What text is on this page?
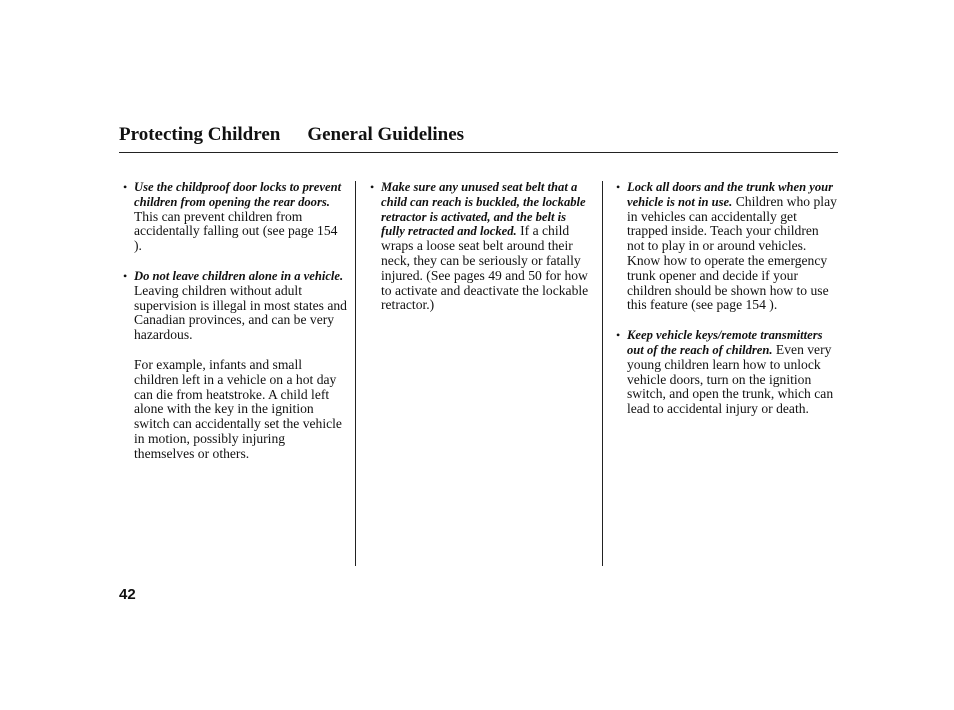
Protecting Children General Guidelines
• Use the childproof door locks to prevent children from opening the rear doors. This can prevent children from accidentally falling out (see page 154 ).
• Do not leave children alone in a vehicle. Leaving children without adult supervision is illegal in most states and Canadian provinces, and can be very hazardous.
For example, infants and small children left in a vehicle on a hot day can die from heatstroke. A child left alone with the key in the ignition switch can accidentally set the vehicle in motion, possibly injuring themselves or others.
• Make sure any unused seat belt that a child can reach is buckled, the lockable retractor is activated, and the belt is fully retracted and locked. If a child wraps a loose seat belt around their neck, they can be seriously or fatally injured. (See pages 49 and 50 for how to activate and deactivate the lockable retractor.)
• Lock all doors and the trunk when your vehicle is not in use. Children who play in vehicles can accidentally get trapped inside. Teach your children not to play in or around vehicles. Know how to operate the emergency trunk opener and decide if your children should be shown how to use this feature (see page 154 ).
• Keep vehicle keys/remote transmitters out of the reach of children. Even very young children learn how to unlock vehicle doors, turn on the ignition switch, and open the trunk, which can lead to accidental injury or death.
42
